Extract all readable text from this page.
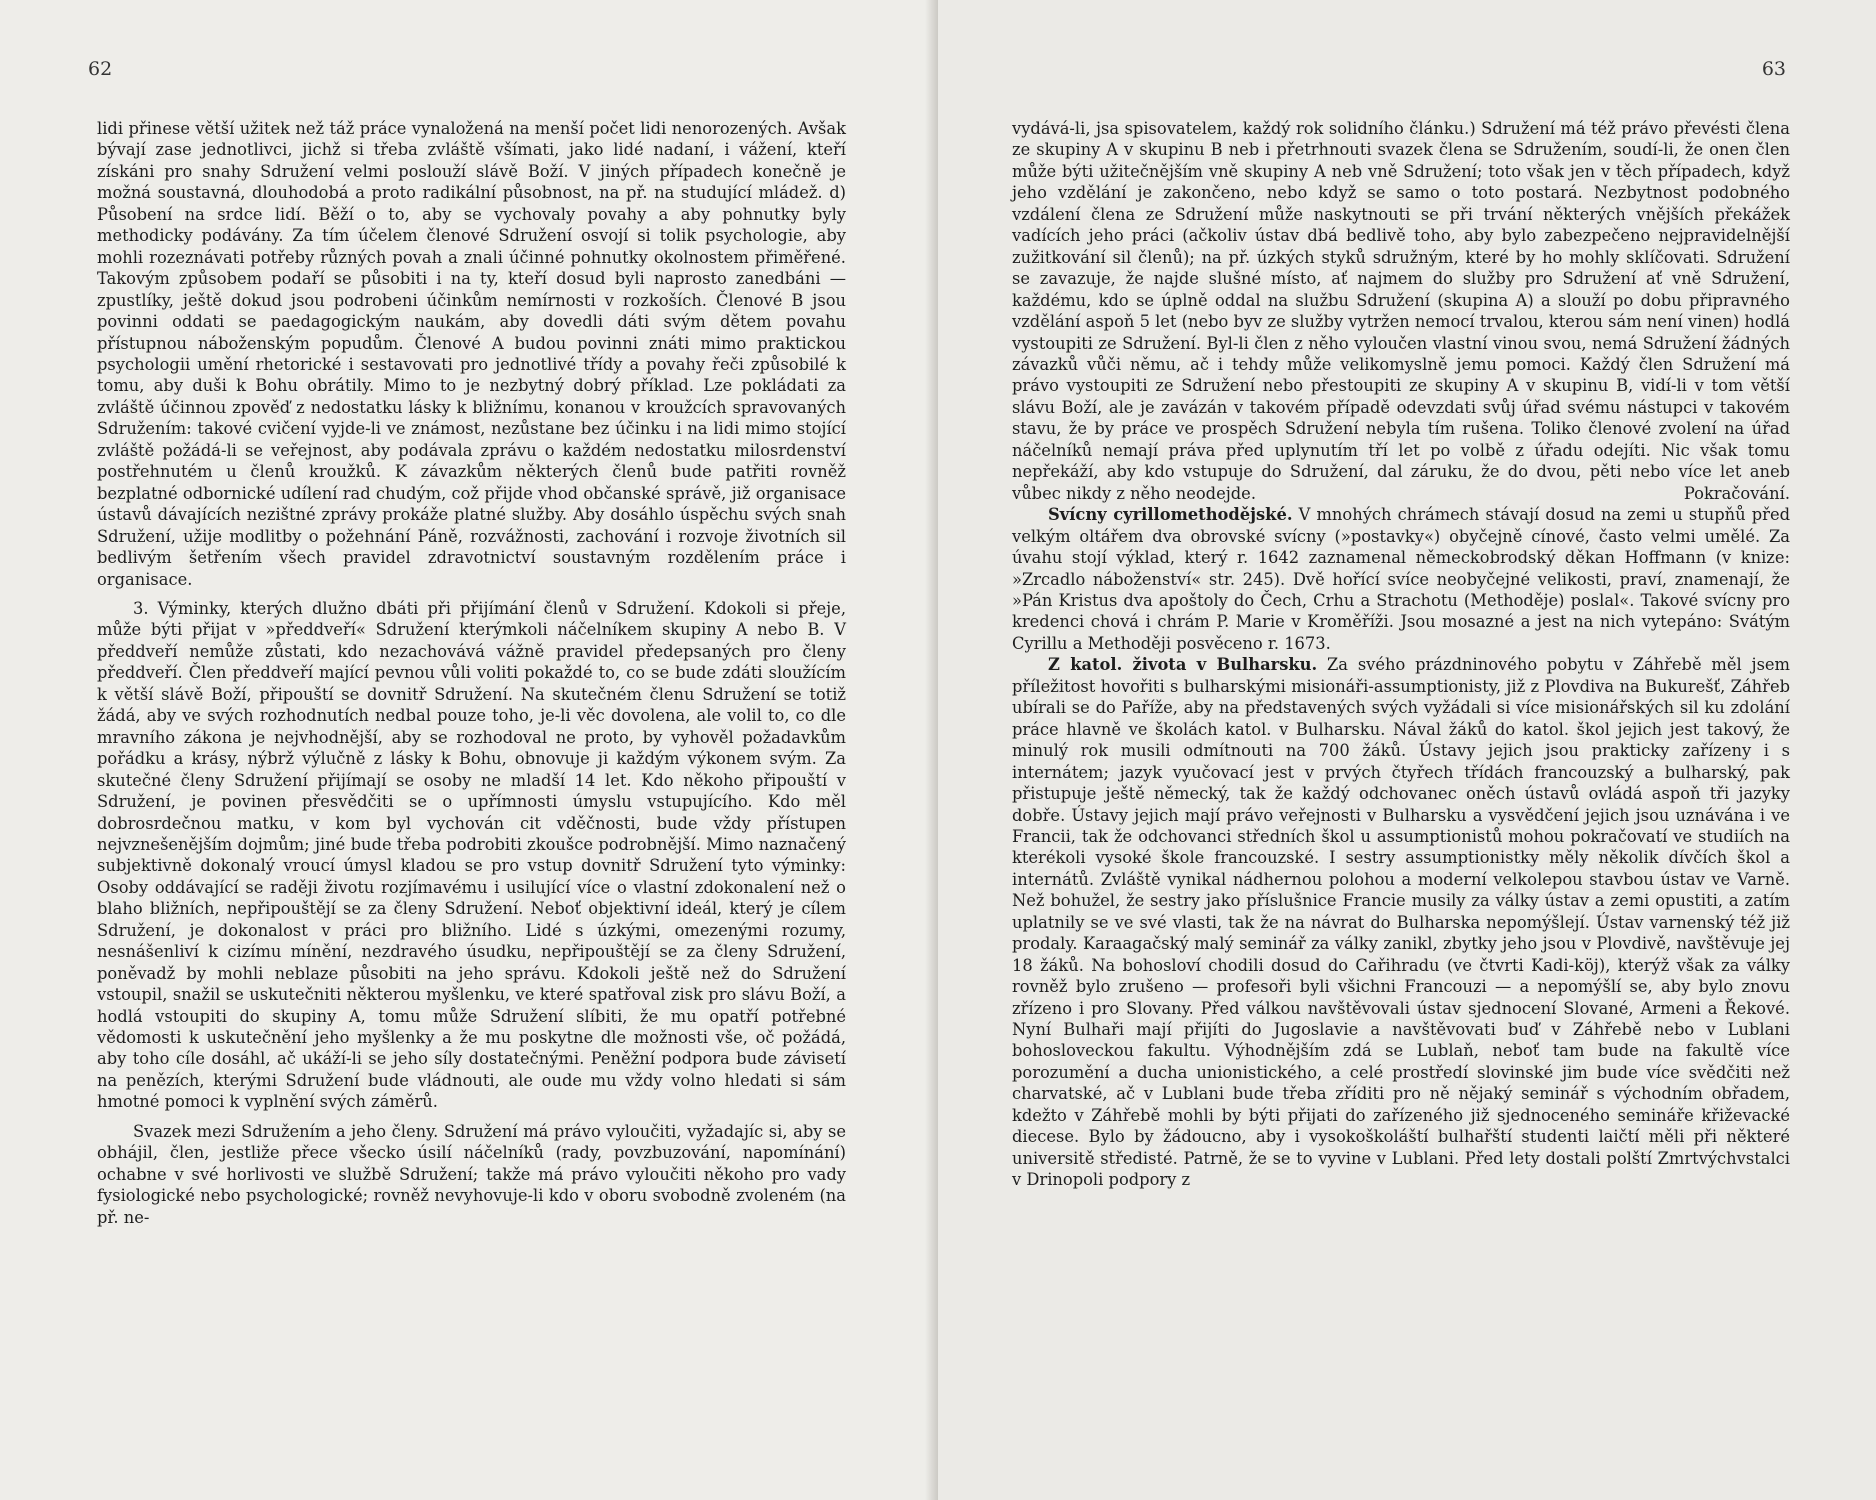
62

lidi přinese větší užitek než táž práce vynaložená na menší počet lidi nenorozených. Avšak bývají zase jednotlivci, jichž si třeba zvláště všímati, jako lidé nadaní, i vážení, kteří získáni pro snahy Sdružení velmi poslouží slávě Boží. V jiných případech konečně je možná soustavná, dlouhodobá a proto radikální působnost, na př. na studující mládež. d) Působení na srdce lidí. Běží o to, aby se vychovaly povahy a aby pohnutky byly methodicky podávány. Za tím účelem členové Sdružení osvojí si tolik psychologie, aby mohli rozeznávati potřeby různých povah a znali účinné pohnutky okolnostem přiměřené. Takovým způsobem podaří se působiti i na ty, kteří dosud byli naprosto zanedbáni — zpustlíky, ještě dokud jsou podrobeni účinkům nemírnosti v rozkoších. Členové B jsou povinni oddati se paedagogickým naukám, aby dovedli dáti svým dětem povahu přístupnou náboženským popudům. Členové A budou povinni znáti mimo praktickou psychologii umění rhetorické i sestavovati pro jednotlivé třídy a povahy řeči způsobilé k tomu, aby duši k Bohu obrátily. Mimo to je nezbytný dobrý příklad. Lze pokládati za zvláště účinnou zpověď z nedostatku lásky k bližnímu, konanou v kroužcích spravovaných Sdružením: takové cvičení vyjde-li ve známost, nezůstane bez účinku i na lidi mimo stojící zvláště požádá-li se veřejnost, aby podávala zprávu o každém nedostatku milosrdenství postřehnutém u členů kroužků. K závazkům některých členů bude patřiti rovněž bezplatné odbornické udílení rad chudým, což přijde vhod občanské správě, již organisace ústavů dávajících nezištné zprávy prokáže platné služby. Aby dosáhlo úspěchu svých snah Sdružení, užije modlitby o požehnání Páně, rozvážnosti, zachování i rozvoje životních sil bedlivým šetřením všech pravidel zdravotnictví soustavným rozdělením práce i organisace.

3. Výminky, kterých dlužno dbáti při přijímání členů v Sdružení. Kdokoli si přeje, může býti přijat v »předdveří« Sdružení kterýmkoli náčelníkem skupiny A nebo B. V předdveří nemůže zůstati, kdo nezachovává vážně pravidel předepsaných pro členy předdveří. Člen předdveří mající pevnou vůli voliti pokaždé to, co se bude zdáti sloužícím k větší slávě Boží, připouští se dovnitř Sdružení. Na skutečném členu Sdružení se totiž žádá, aby ve svých rozhodnutích nedbal pouze toho, je-li věc dovolena, ale volil to, co dle mravního zákona je nejvhodnější, aby se rozhodoval ne proto, by vyhověl požadavkům pořádku a krásy, nýbrž výlučně z lásky k Bohu, obnovuje ji každým výkonem svým. Za skutečné členy Sdružení přijímají se osoby ne mladší 14 let. Kdo někoho připouští v Sdružení, je povinen přesvědčiti se o upřímnosti úmyslu vstupujícího. Kdo měl dobrosrdečnou matku, v kom byl vychován cit vděčnosti, bude vždy přístupen nejvznešenějším dojmům; jiné bude třeba podrobiti zkoušce podrobnější. Mimo naznačený subjektivně dokonalý vroucí úmysl kladou se pro vstup dovnitř Sdružení tyto výminky: Osoby oddávající se raději životu rozjímavému i usilující více o vlastní zdokonalení než o blaho bližních, nepřipouštějí se za členy Sdružení. Neboť objektivní ideál, který je cílem Sdružení, je dokonalost v práci pro bližního. Lidé s úzkými, omezenými rozumy, nesnášenliví k cizímu mínění, nezdravého úsudku, nepřipouštějí se za členy Sdružení, poněvadž by mohli neblaze působiti na jeho správu. Kdokoli ještě než do Sdružení vstoupil, snažil se uskutečniti některou myšlenku, ve které spatřoval zisk pro slávu Boží, a hodlá vstoupiti do skupiny A, tomu může Sdružení slíbiti, že mu opatří potřebné vědomosti k uskutečnění jeho myšlenky a že mu poskytne dle možnosti vše, oč požádá, aby toho cíle dosáhl, ač ukáží-li se jeho síly dostatečnými. Peněžní podpora bude závisetí na penězích, kterými Sdružení bude vládnouti, ale oude mu vždy volno hledati si sám hmotné pomoci k vyplnění svých záměrů.

Svazek mezi Sdružením a jeho členy. Sdružení má právo vyloučiti, vyžadajíc si, aby se obhájil, člen, jestliže přece všecko úsilí náčelníků (rady, povzbuzování, napomínání) ochabne v své horlivosti ve službě Sdružení; takže má právo vyloučiti někoho pro vady fysiologické nebo psychologické; rovněž nevyhovuje-li kdo v oboru svobodně zvoleném (na př. ne-

63

vydává-li, jsa spisovatelem, každý rok solidního článku.) Sdružení má též právo převésti člena ze skupiny A v skupinu B neb i přetrhnouti svazek člena se Sdružením, soudí-li, že onen člen může býti užitečnějším vně skupiny A neb vně Sdružení; toto však jen v těch případech, když jeho vzdělání je zakončeno, nebo když se samo o toto postará. Nezbytnost podobného vzdálení člena ze Sdružení může naskytnouti se při trvání některých vnějších překážek vadících jeho práci (ačkoliv ústav dbá bedlivě toho, aby bylo zabezpečeno nejpravidelnější zužitkování sil členů); na př. úzkých styků sdružným, které by ho mohly sklíčovati. Sdružení se zavazuje, že najde slušné místo, ať najmem do služby pro Sdružení ať vně Sdružení, každému, kdo se úplně oddal na službu Sdružení (skupina A) a slouží po dobu připravného vzdělání aspoň 5 let (nebo byv ze služby vytržen nemocí trvalou, kterou sám není vinen) hodlá vystoupiti ze Sdružení. Byl-li člen z něho vyloučen vlastní vinou svou, nemá Sdružení žádných závazků vůči němu, ač i tehdy může velikomyslně jemu pomoci. Každý člen Sdružení má právo vystoupiti ze Sdružení nebo přestoupiti ze skupiny A v skupinu B, vidí-li v tom větší slávu Boží, ale je zavázán v takovém případě odevzdati svůj úřad svému nástupci v takovém stavu, že by práce ve prospěch Sdružení nebyla tím rušena. Toliko členové zvolení na úřad náčelníků nemají práva před uplynutím tří let po volbě z úřadu odejíti. Nic však tomu nepřekáží, aby kdo vstupuje do Sdružení, dal záruku, že do dvou, pěti nebo více let aneb vůbec nikdy z něho neodejde.	Pokračování.

Svícny cyrillomethodějské. V mnohých chrámech stávají dosud na zemi u stupňů před velkým oltářem dva obrovské svícny (»postavky«) obyčejně cínové, často velmi umělé. Za úvahu stojí výklad, který r. 1642 zaznamenal německobrodský děkan Hoffmann (v knize: »Zrcadlo náboženství« str. 245). Dvě hořící svíce neobyčejné velikosti, praví, znamenají, že »Pán Kristus dva apoštoly do Čech, Crhu a Strachotu (Methoděje) poslal«. Takové svícny pro kredenci chová i chrám P. Marie v Kroměříži. Jsou mosazné a jest na nich vytepáno: Svátým Cyrillu a Methoději posvěceno r. 1673.

Z katol. života v Bulharsku. Za svého prázdninového pobytu v Záhřebě měl jsem příležitost hovořiti s bulharskými misionáři-assumptionisty, již z Plovdiva na Bukurešť, Záhřeb ubírali se do Paříže, aby na představených svých vyžádali si více misionářských sil ku zdolání práce hlavně ve školách katol. v Bulharsku. Nával žáků do katol. škol jejich jest takový, že minulý rok musili odmítnouti na 700 žáků. Ústavy jejich jsou prakticky zařízeny i s internátem; jazyk vyučovací jest v prvých čtyřech třídách francouzský a bulharský, pak přistupuje ještě německý, tak že každý odchovanec oněch ústavů ovládá aspoň tři jazyky dobře. Ústavy jejich mají právo veřejnosti v Bulharsku a vysvědčení jejich jsou uznávána i ve Francii, tak že odchovanci středních škol u assumptionistů mohou pokračovatí ve studiích na kterékoli vysoké škole francouzské. I sestry assumptionistky měly několik dívčích škol a internátů. Zvláště vynikal nádhernou polohou a moderní velkolepou stavbou ústav ve Varně. Než bohužel, že sestry jako příslušnice Francie musily za války ústav a zemi opustiti, a zatím uplatnily se ve své vlasti, tak že na návrat do Bulharska nepomýšlejí. Ústav varnenský též již prodaly. Karaagačský malý seminář za války zanikl, zbytky jeho jsou v Plovdivě, navštěvuje jej 18 žáků. Na bohosloví chodili dosud do Cařihradu (ve čtvrti Kadi-köj), kterýž však za války rovněž bylo zrušeno — profesoři byli všichni Francouzi — a nepomýšlí se, aby bylo znovu zřízeno i pro Slovany. Před válkou navštěvovali ústav sjednocení Slované, Armeni a Řekové. Nyní Bulhaři mají přijíti do Jugoslavie a navštěvovati buď v Záhřebě nebo v Lublani bohosloveckou fakultu. Výhodnějším zdá se Lublaň, neboť tam bude na fakultě více porozumění a ducha unionistického, a celé prostředí slovinské jim bude více svědčiti než charvatské, ač v Lublani bude třeba zříditi pro ně nějaký seminář s východním obřadem, kdežto v Záhřebě mohli by býti přijati do zařízeného již sjednoceného semináře křiževacké diecese. Bylo by žádoucno, aby i vysokoškoláští bulhařští studenti laičtí měli při některé universitě středisté. Patrně, že se to vyvine v Lublani. Před lety dostali polští Zmrtvýchvstalci v Drinopoli podpory z
